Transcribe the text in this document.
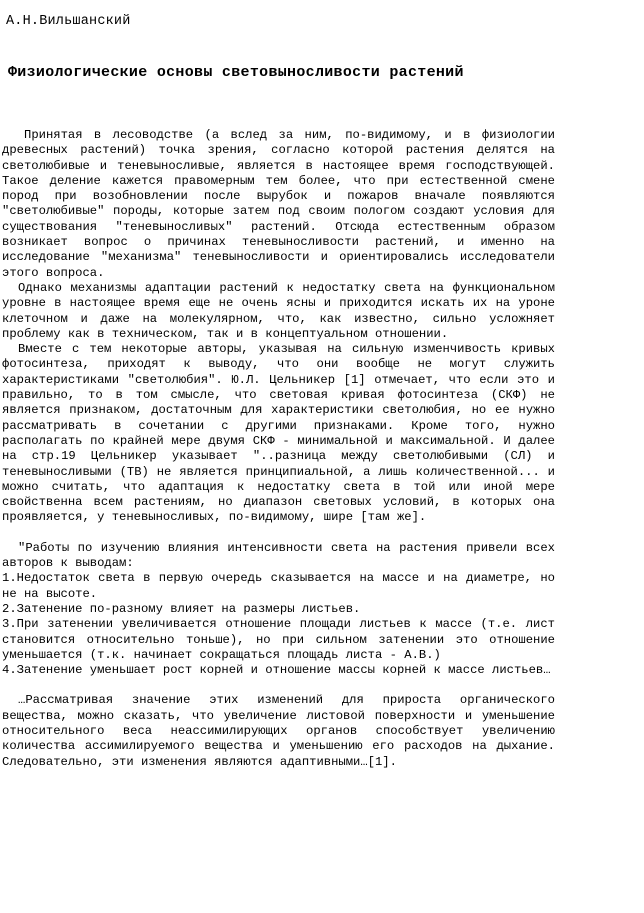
А.Н.Вильшанский
Физиологические основы световыносливости растений

Принятая в лесоводстве (а вслед за ним, по-видимому, и в физиологии древесных растений) точка зрения, согласно которой растения делятся на светолюбивые и теневыносливые, является в настоящее время господствующей. Такое деление кажется правомерным тем более, что при естественной смене пород при возобновлении после вырубок и пожаров вначале появляются "светолюбивые" породы, которые затем под своим пологом создают условия для существования "теневыносливых" растений. Отсюда естественным образом возникает вопрос о причинах теневыносливости растений, и именно на исследование "механизма" теневыносливости и ориентировались исследователи этого вопроса.

Однако механизмы адаптации растений к недостатку света на функциональном уровне в настоящее время еще не очень ясны и приходится искать их на уроне клеточном и даже на молекулярном, что, как известно, сильно усложняет проблему как в техническом, так и в концептуальном отношении.

Вместе с тем некоторые авторы, указывая на сильную изменчивость кривых фотосинтеза, приходят к выводу, что они вообще не могут служить характеристиками "светолюбия". Ю.Л. Цельникер [1] отмечает, что если это и правильно, то в том смысле, что световая кривая фотосинтеза (СКФ) не является признаком, достаточным для характеристики светолюбия, но ее нужно рассматривать в сочетании с другими признаками. Кроме того, нужно располагать по крайней мере двумя СКФ - минимальной и максимальной. И далее на стр.19 Цельникер указывает "..разница между светолюбивыми (СЛ) и теневыносливыми (ТВ) не является принципиальной, а лишь количественной... и можно считать, что адаптация к недостатку света в той или иной мере свойственна всем растениям, но диапазон световых условий, в которых она проявляется, у теневыносливых, по-видимому, шире [там же].

"Работы по изучению влияния интенсивности света на растения привели всех авторов к выводам:

1.Недостаток света в первую очередь сказывается на массе и на диаметре, но не на высоте.

2.Затенение по-разному влияет на размеры листьев.

3.При затенении увеличивается отношение площади листьев к массе (т.е. лист становится относительно тоньше), но при сильном затенении это отношение уменьшается (т.к. начинает сокращаться площадь листа - А.В.)

4.Затенение уменьшает рост корней и отношение массы корней к массе листьев…

…Рассматривая значение этих изменений для прироста органического вещества, можно сказать, что увеличение листовой поверхности и уменьшение относительного веса неассимилирующих органов способствует увеличению количества ассимилируемого вещества и уменьшению его расходов на дыхание. Следовательно, эти изменения являются адаптивными…[1].
